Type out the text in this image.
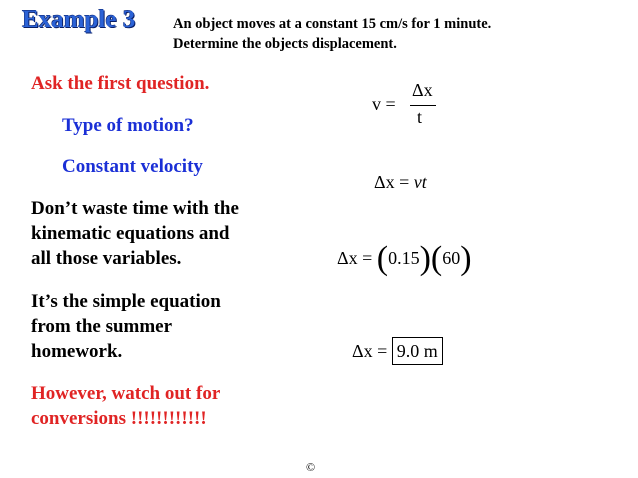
Example 3	An object moves at a constant 15 cm/s for 1 minute.
Determine the objects displacement.
Ask the first question.
Type of motion?
Constant velocity
Don’t waste time with the
kinematic equations and
all those variables.
It’s the simple equation
from the summer
homework.
However, watch out for
conversions !!!!!!!!!!!!
v =
Δx
t
Δx = vt
Δx = (0.15)(60)
Δx = 9.0 m
©
